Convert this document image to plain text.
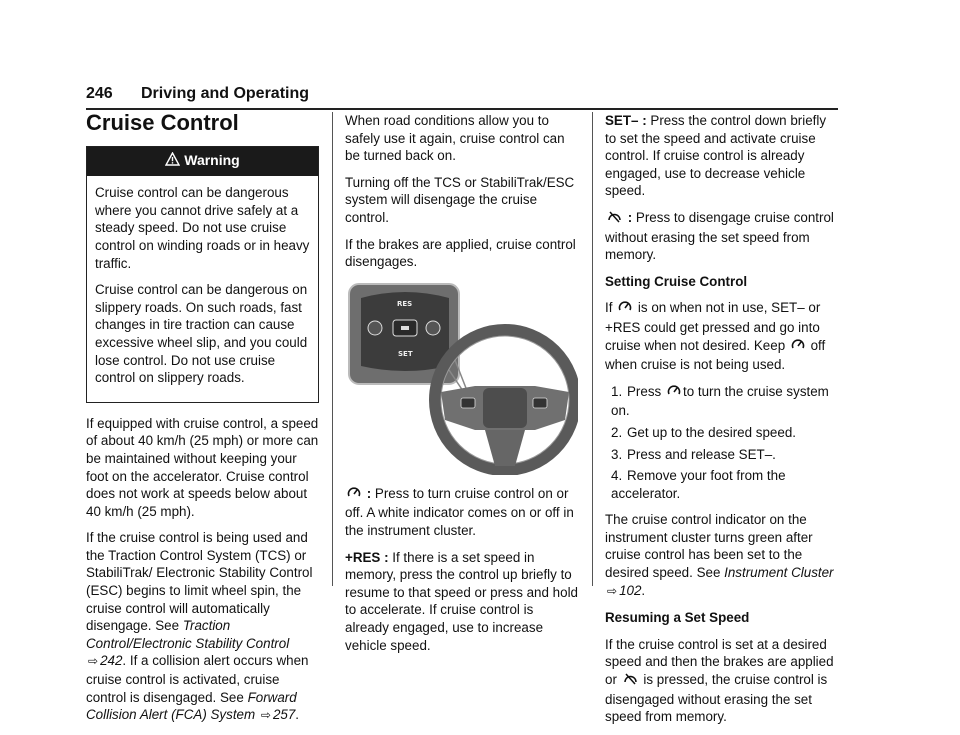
246 Driving and Operating
Cruise Control
Warning

Cruise control can be dangerous where you cannot drive safely at a steady speed. Do not use cruise control on winding roads or in heavy traffic.

Cruise control can be dangerous on slippery roads. On such roads, fast changes in tire traction can cause excessive wheel slip, and you could lose control. Do not use cruise control on slippery roads.

If equipped with cruise control, a speed of about 40 km/h (25 mph) or more can be maintained without keeping your foot on the accelerator. Cruise control does not work at speeds below about 40 km/h (25 mph).

If the cruise control is being used and the Traction Control System (TCS) or StabiliTrak/ Electronic Stability Control (ESC) begins to limit wheel spin, the cruise control will automatically disengage. See Traction Control/Electronic Stability Control ⇨ 242. If a collision alert occurs when cruise control is activated, cruise control is disengaged. See Forward Collision Alert (FCA) System ⇨ 257.

When road conditions allow you to safely use it again, cruise control can be turned back on.

Turning off the TCS or StabiliTrak/ESC system will disengage the cruise control.

If the brakes are applied, cruise control disengages.

RES
SET

: Press to turn cruise control on or off. A white indicator comes on or off in the instrument cluster.

+RES : If there is a set speed in memory, press the control up briefly to resume to that speed or press and hold to accelerate. If cruise control is already engaged, use to increase vehicle speed.

SET– : Press the control down briefly to set the speed and activate cruise control. If cruise control is already engaged, use to decrease vehicle speed.

: Press to disengage cruise control without erasing the set speed from memory.

Setting Cruise Control

If is on when not in use, SET– or +RES could get pressed and go into cruise when not desired. Keep off when cruise is not being used.

1. Press to turn the cruise system on.
2. Get up to the desired speed.
3. Press and release SET–.
4. Remove your foot from the accelerator.

The cruise control indicator on the instrument cluster turns green after cruise control has been set to the desired speed. See Instrument Cluster ⇨ 102.

Resuming a Set Speed

If the cruise control is set at a desired speed and then the brakes are applied or is pressed, the cruise control is disengaged without erasing the set speed from memory.
